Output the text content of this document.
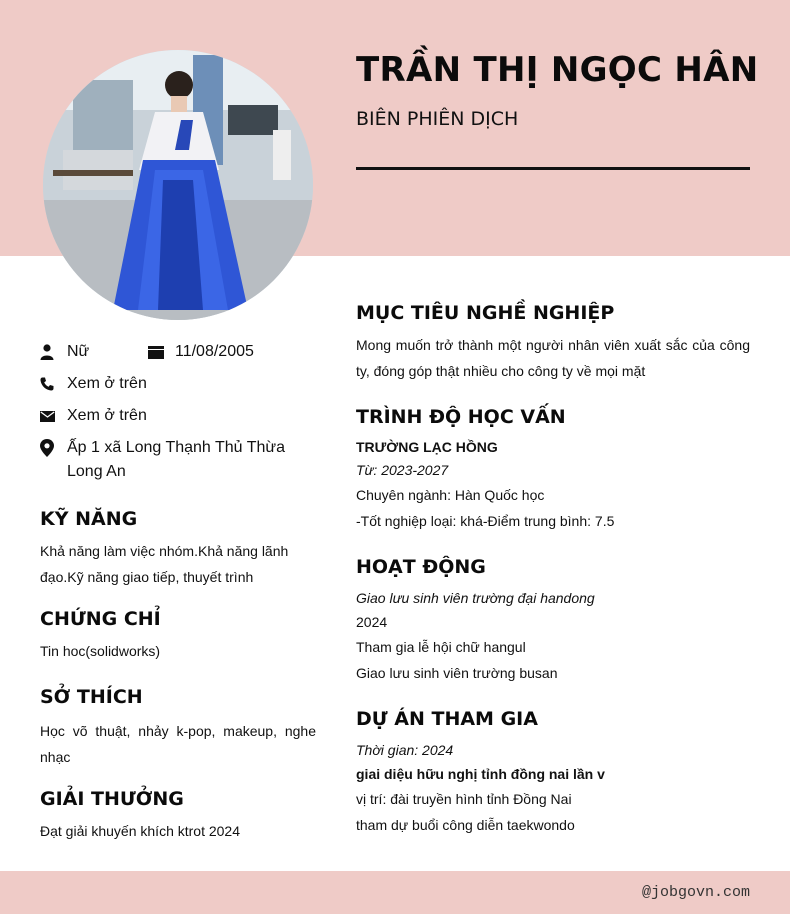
TRẦN THỊ NGỌC HÂN
BIÊN PHIÊN DỊCH
Nữ	11/08/2005
Xem ở trên
Xem ở trên
Ấp 1 xã Long Thạnh Thủ Thừa Long An
KỸ NĂNG
Khả năng làm việc nhóm.Khả năng lãnh đạo.Kỹ năng giao tiếp, thuyết trình
CHỨNG CHỈ
Tin hoc(solidworks)
SỞ THÍCH
Học võ thuật, nhảy k-pop, makeup, nghe nhạc
GIẢI THƯỞNG
Đạt giải khuyến khích ktrot 2024
MỤC TIÊU NGHỀ NGHIỆP
Mong muốn trở thành một người nhân viên xuất sắc của công ty, đóng góp thật nhiều cho công ty về mọi mặt
TRÌNH ĐỘ HỌC VẤN
TRƯỜNG LẠC HỒNG
Từ: 2023-2027
Chuyên ngành: Hàn Quốc học
-Tốt nghiệp loại: khá-Điểm trung bình: 7.5
HOẠT ĐỘNG
Giao lưu sinh viên trường đại handong
2024
Tham gia lễ hội chữ hangul
Giao lưu sinh viên trường busan
DỰ ÁN THAM GIA
Thời gian: 2024
giai diệu hữu nghị tỉnh đồng nai lần v
vị trí: đài truyền hình tỉnh Đồng Nai
tham dự buổi công diễn taekwondo
@jobgovn.com
